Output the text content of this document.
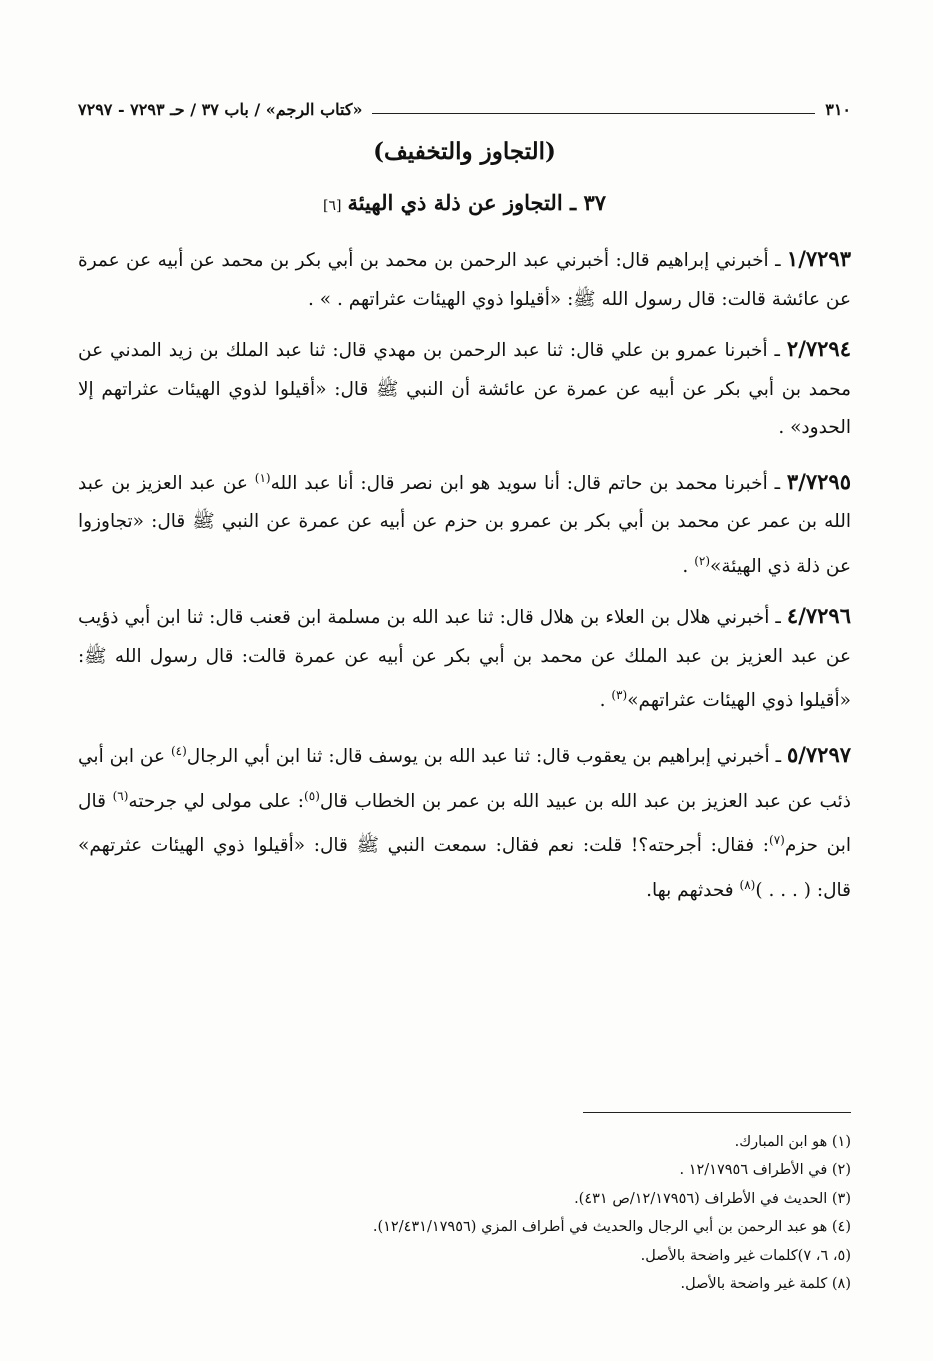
٣١٠
«كتاب الرجم» / باب ٣٧ / حـ ٧٢٩٣ - ٧٢٩٧
(التجاوز والتخفيف)
٣٧ ـ التجاوز عن ذلة ذي الهيئة[٦]

١/٧٢٩٣ ـ أخبرني إبراهيم قال: أخبرني عبد الرحمن بن محمد بن أبي بكر بن محمد عن أبيه عن عمرة عن عائشة قالت: قال رسول الله ﷺ: «أقيلوا ذوي الهيئات عثراتهم . » .

٢/٧٢٩٤ ـ أخبرنا عمرو بن علي قال: ثنا عبد الرحمن بن مهدي قال: ثنا عبد الملك بن زيد المدني عن محمد بن أبي بكر عن أبيه عن عمرة عن عائشة أن النبي ﷺ قال: «أقيلوا لذوي الهيئات عثراتهم إلا الحدود» .

٣/٧٢٩٥ ـ أخبرنا محمد بن حاتم قال: أنا سويد هو ابن نصر قال: أنا عبد الله$^{(١)}$ عن عبد العزيز بن عبد الله بن عمر عن محمد بن أبي بكر بن عمرو بن حزم عن أبيه عن عمرة عن النبي ﷺ قال: «تجاوزوا عن ذلة ذي الهيئة»$^{(٢)}$ .

٤/٧٢٩٦ ـ أخبرني هلال بن العلاء بن هلال قال: ثنا عبد الله بن مسلمة ابن قعنب قال: ثنا ابن أبي ذؤيب عن عبد العزيز بن عبد الملك عن محمد بن أبي بكر عن أبيه عن عمرة قالت: قال رسول الله ﷺ: «أقيلوا ذوي الهيئات عثراتهم»$^{(٣)}$ .

٥/٧٢٩٧ ـ أخبرني إبراهيم بن يعقوب قال: ثنا عبد الله بن يوسف قال: ثنا ابن أبي الرجال$^{(٤)}$ عن ابن أبي ذئب عن عبد العزيز بن عبد الله بن عبيد الله بن عمر بن الخطاب قال$^{(٥)}$: على مولى لي جرحته$^{(٦)}$ قال ابن حزم$^{(٧)}$: فقال: أجرحته؟! قلت: نعم فقال: سمعت النبي ﷺ قال: «أقيلوا ذوي الهيئات عثرتهم» قال: ( . . . )$^{(٨)}$ فحدثهم بها.

(١) هو ابن المبارك.
(٢) في الأطراف ١٢/١٧٩٥٦ .
(٣) الحديث في الأطراف (١٢/١٧٩٥٦/ص ٤٣١).
(٤) هو عبد الرحمن بن أبي الرجال والحديث في أطراف المزي (١٢/٤٣١/١٧٩٥٦).
(٥، ٦، ٧)كلمات غير واضحة بالأصل.
(٨) كلمة غير واضحة بالأصل.
